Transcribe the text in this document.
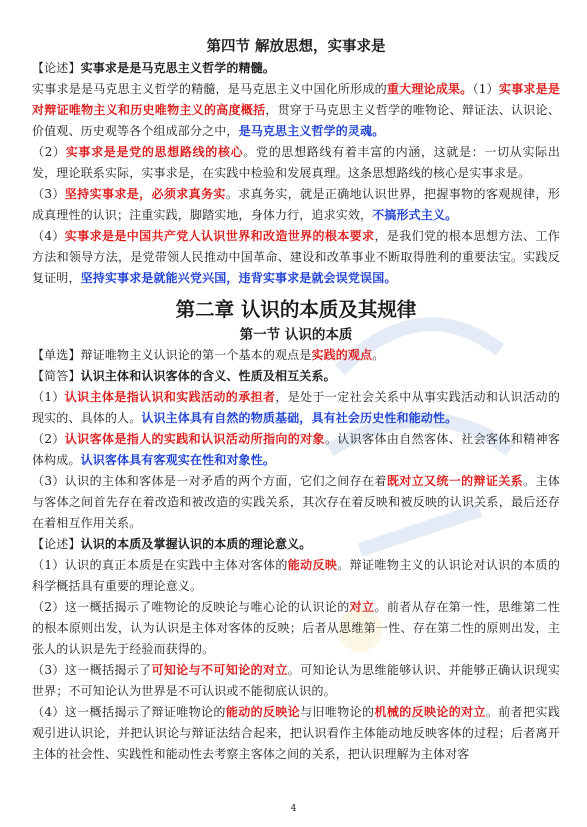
第四节 解放思想，实事求是

【论述】实事求是是马克思主义哲学的精髓。

实事求是是马克思主义哲学的精髓，是马克思主义中国化所形成的重大理论成果。（1）实事求是是对辩证唯物主义和历史唯物主义的高度概括，贯穿于马克思主义哲学的唯物论、辩证法、认识论、价值观、历史观等各个组成部分之中，是马克思主义哲学的灵魂。

（2）实事求是是党的思想路线的核心。党的思想路线有着丰富的内涵，这就是：一切从实际出发，理论联系实际，实事求是，在实践中检验和发展真理。这条思想路线的核心是实事求是。

（3）坚持实事求是，必须求真务实。求真务实，就是正确地认识世界，把握事物的客观规律，形成真理性的认识；注重实践，脚踏实地，身体力行，追求实效，不搞形式主义。

（4）实事求是是中国共产党人认识世界和改造世界的根本要求，是我们党的根本思想方法、工作方法和领导方法，是党带领人民推动中国革命、建设和改革事业不断取得胜利的重要法宝。实践反复证明，坚持实事求是就能兴党兴国，违背实事求是就会误党误国。

第二章 认识的本质及其规律
第一节 认识的本质

【单选】辩证唯物主义认识论的第一个基本的观点是实践的观点。

【简答】认识主体和认识客体的含义、性质及相互关系。

（1）认识主体是指认识和实践活动的承担者，是处于一定社会关系中从事实践活动和认识活动的现实的、具体的人。认识主体具有自然的物质基础，具有社会历史性和能动性。

（2）认识客体是指人的实践和认识活动所指向的对象。认识客体由自然客体、社会客体和精神客体构成。认识客体具有客观实在性和对象性。

（3）认识的主体和客体是一对矛盾的两个方面，它们之间存在着既对立又统一的辩证关系。主体与客体之间首先存在着改造和被改造的实践关系，其次存在着反映和被反映的认识关系，最后还存在着相互作用关系。

【论述】认识的本质及掌握认识的本质的理论意义。

（1）认识的真正本质是在实践中主体对客体的能动反映。辩证唯物主义的认识论对认识的本质的科学概括具有重要的理论意义。

（2）这一概括揭示了唯物论的反映论与唯心论的认识论的对立。前者从存在第一性，思维第二性的根本原则出发，认为认识是主体对客体的反映；后者从思维第一性、存在第二性的原则出发，主张人的认识是先于经验而获得的。

（3）这一概括揭示了可知论与不可知论的对立。可知论认为思维能够认识、并能够正确认识现实世界；不可知论认为世界是不可认识或不能彻底认识的。

（4）这一概括揭示了辩证唯物论的能动的反映论与旧唯物论的机械的反映论的对立。前者把实践观引进认识论，并把认识论与辩证法结合起来，把认识看作主体能动地反映客体的过程；后者离开主体的社会性、实践性和能动性去考察主客体之间的关系，把认识理解为主体对客

4
